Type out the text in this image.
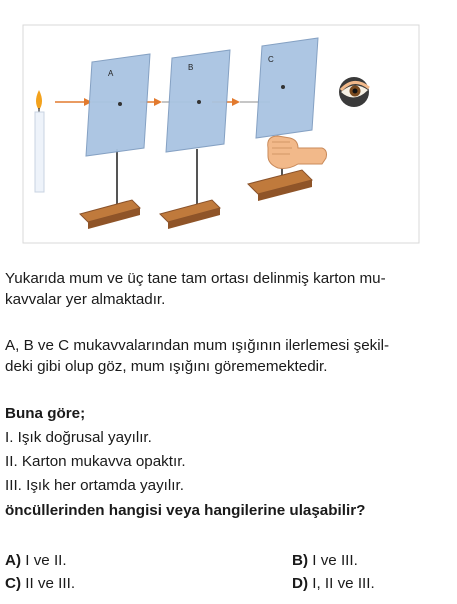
A
B
C
Yukarıda mum ve üç tane tam ortası delinmiş karton mu-
kavvalar yer almaktadır.
A, B ve C mukavvalarından mum ışığının ilerlemesi şekil-
deki gibi olup göz, mum ışığını görememektedir.
Buna göre;
I. Işık doğrusal yayılır.
II. Karton mukavva opaktır.
III. Işık her ortamda yayılır.
öncüllerinden hangisi veya hangilerine ulaşabilir?
A) I ve II.	B) I ve III.
C) II ve III.	D) I, II ve III.
